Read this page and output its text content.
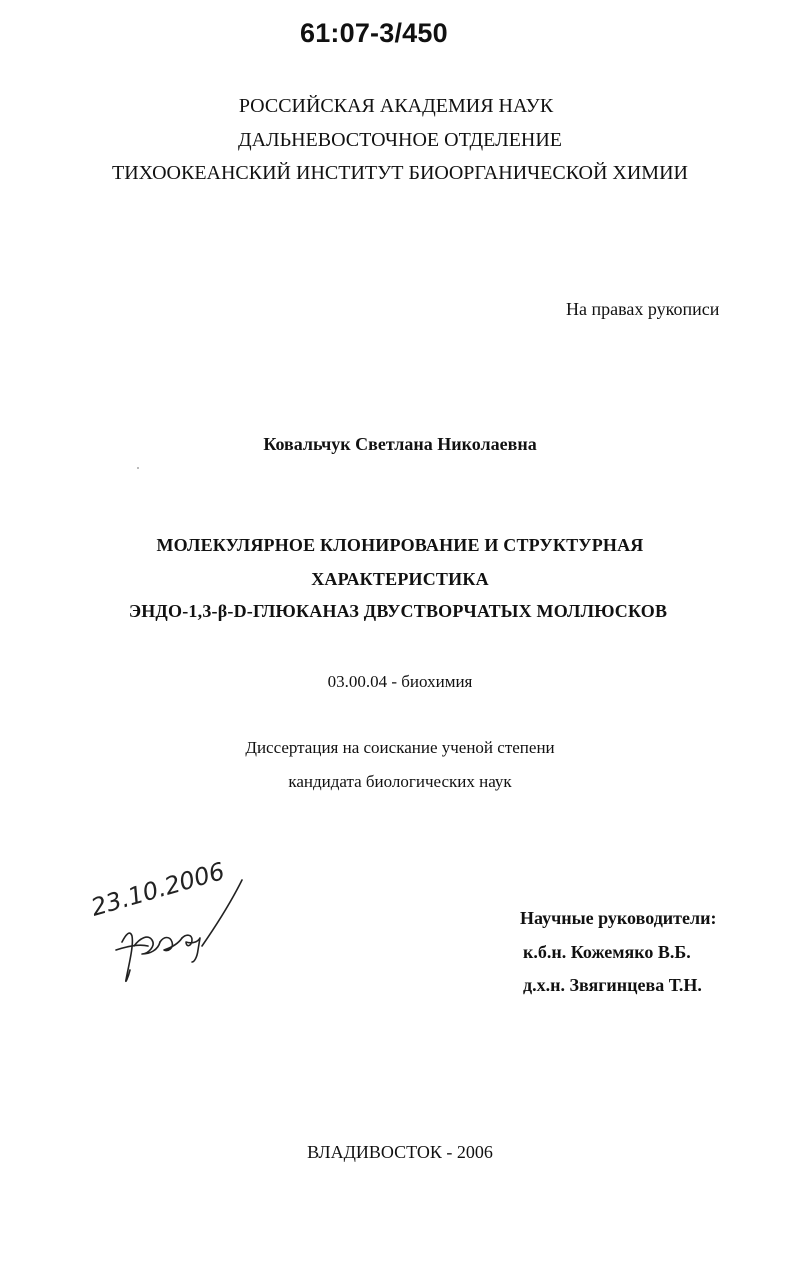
61:07-3/450
РОССИЙСКАЯ АКАДЕМИЯ НАУК
ДАЛЬНЕВОСТОЧНОЕ ОТДЕЛЕНИЕ
ТИХООКЕАНСКИЙ ИНСТИТУТ БИООРГАНИЧЕСКОЙ ХИМИИ
На правах рукописи
Ковальчук Светлана Николаевна
МОЛЕКУЛЯРНОЕ КЛОНИРОВАНИЕ И СТРУКТУРНАЯ
ХАРАКТЕРИСТИКА
ЭНДО-1,3-β-D-ГЛЮКАНАЗ ДВУСТВОРЧАТЫХ МОЛЛЮСКОВ
03.00.04 - биохимия
Диссертация на соискание ученой степени
кандидата биологических наук
23.10.2006	Научные руководители:
к.б.н. Кожемяко В.Б.
д.х.н. Звягинцева Т.Н.
ВЛАДИВОСТОК - 2006
